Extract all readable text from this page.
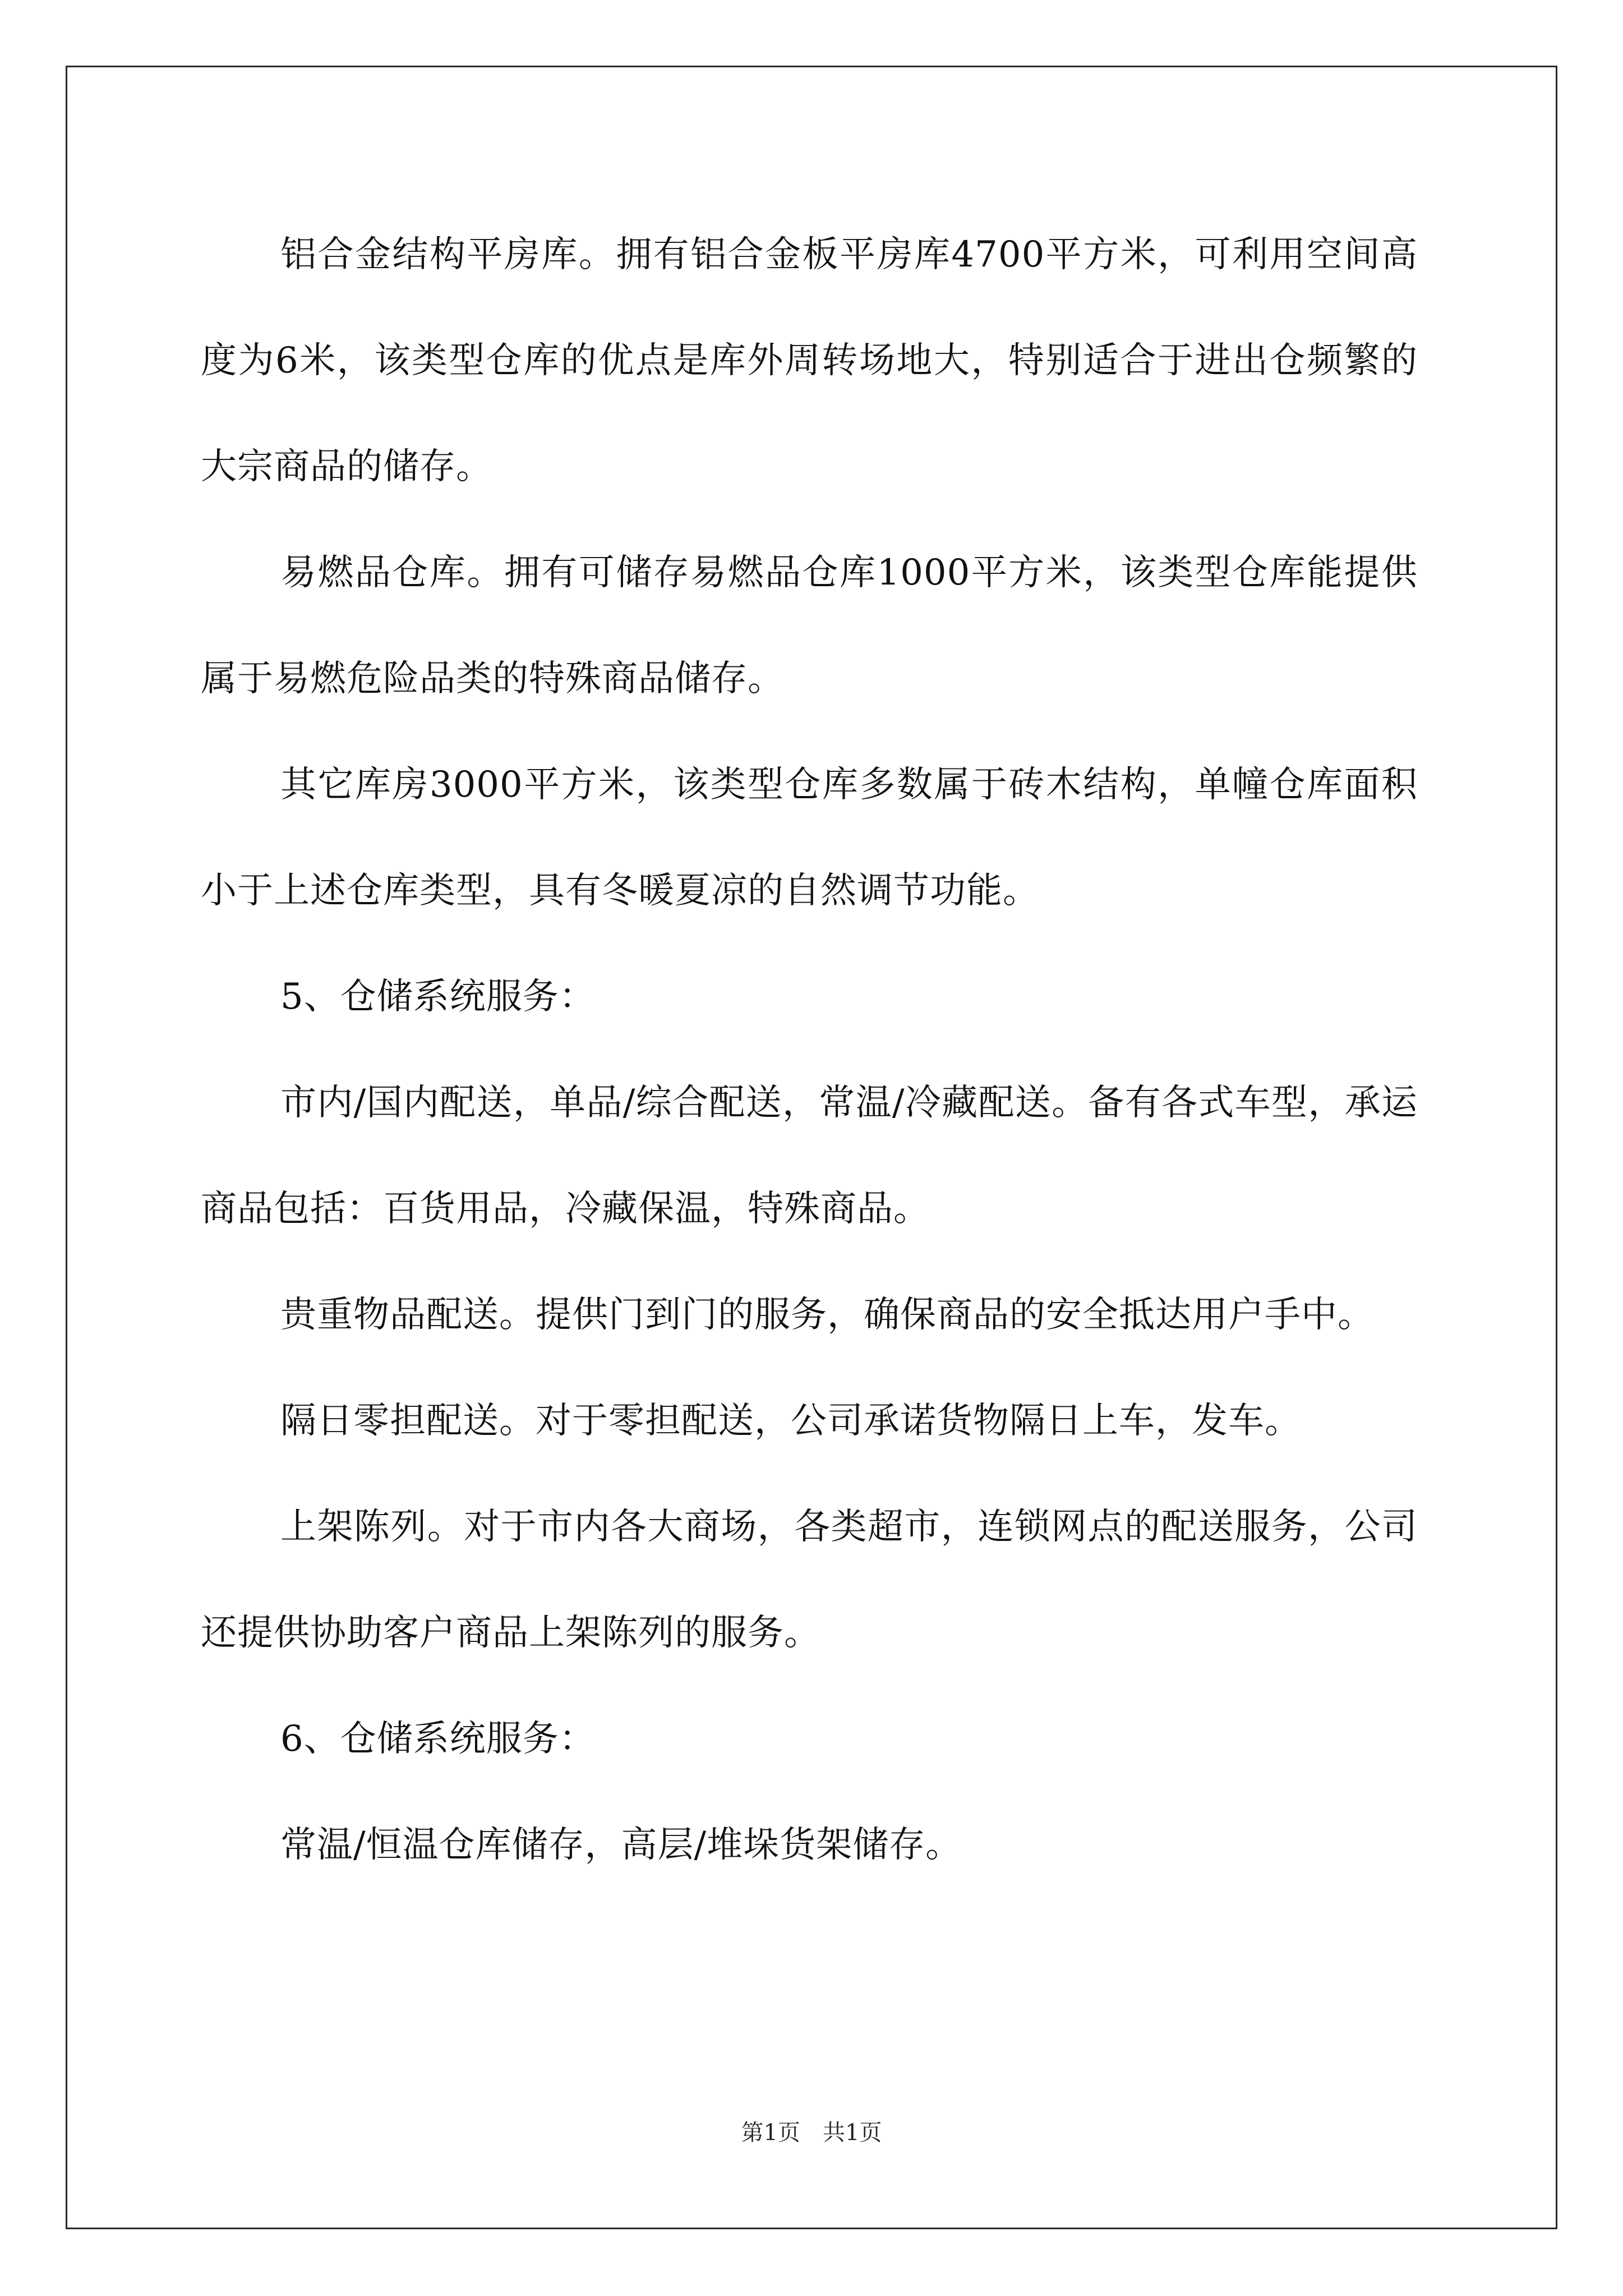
铝合金结构平房库。拥有铝合金板平房库4700平方米，可利用空间高度为6米，该类型仓库的优点是库外周转场地大，特别适合于进出仓频繁的大宗商品的储存。

易燃品仓库。拥有可储存易燃品仓库1000平方米，该类型仓库能提供属于易燃危险品类的特殊商品储存。

其它库房3000平方米，该类型仓库多数属于砖木结构，单幢仓库面积小于上述仓库类型，具有冬暖夏凉的自然调节功能。

5、仓储系统服务：

市内/国内配送，单品/综合配送，常温/冷藏配送。备有各式车型，承运商品包括：百货用品，冷藏保温，特殊商品。

贵重物品配送。提供门到门的服务，确保商品的安全抵达用户手中。

隔日零担配送。对于零担配送，公司承诺货物隔日上车，发车。

上架陈列。对于市内各大商场，各类超市，连锁网点的配送服务，公司还提供协助客户商品上架陈列的服务。

6、仓储系统服务：

常温/恒温仓库储存，高层/堆垛货架储存。

第1页　共1页
